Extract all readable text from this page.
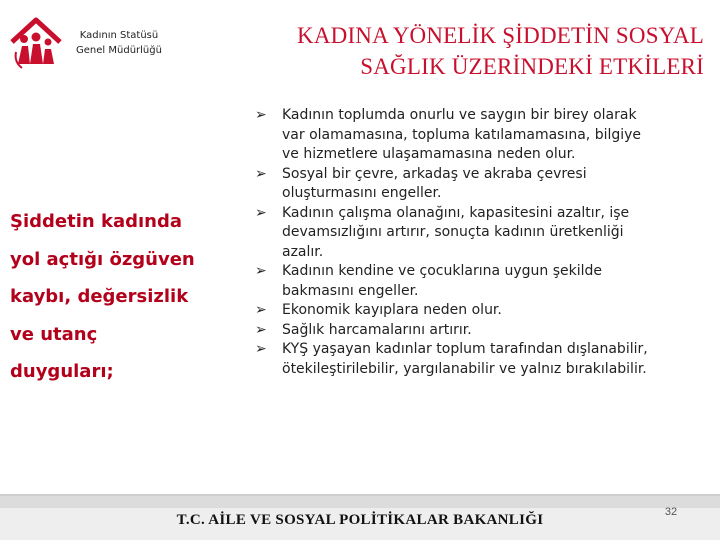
Kadının Statüsü
Genel Müdürlüğü
KADINA YÖNELİK ŞİDDETİN SOSYAL
SAĞLIK ÜZERİNDEKİ ETKİLERİ
Şiddetin kadında
yol açtığı özgüven
kaybı, değersizlik
ve utanç
duyguları;
➢ Kadının toplumda onurlu ve saygın bir birey olarak
var olamamasına, topluma katılamamasına, bilgiye
ve hizmetlere ulaşamamasına neden olur.
➢ Sosyal bir çevre, arkadaş ve akraba çevresi
oluşturmasını engeller.
➢ Kadının çalışma olanağını, kapasitesini azaltır, işe
devamsızlığını artırır, sonuçta kadının üretkenliği
azalır.
➢ Kadının kendine ve çocuklarına uygun şekilde
bakmasını engeller.
➢ Ekonomik kayıplara neden olur.
➢ Sağlık harcamalarını artırır.
➢ KYŞ yaşayan kadınlar toplum tarafından dışlanabilir,
ötekileştirilebilir, yargılanabilir ve yalnız bırakılabilir.
T.C. AİLE VE SOSYAL POLİTİKALAR BAKANLIĞI	32
